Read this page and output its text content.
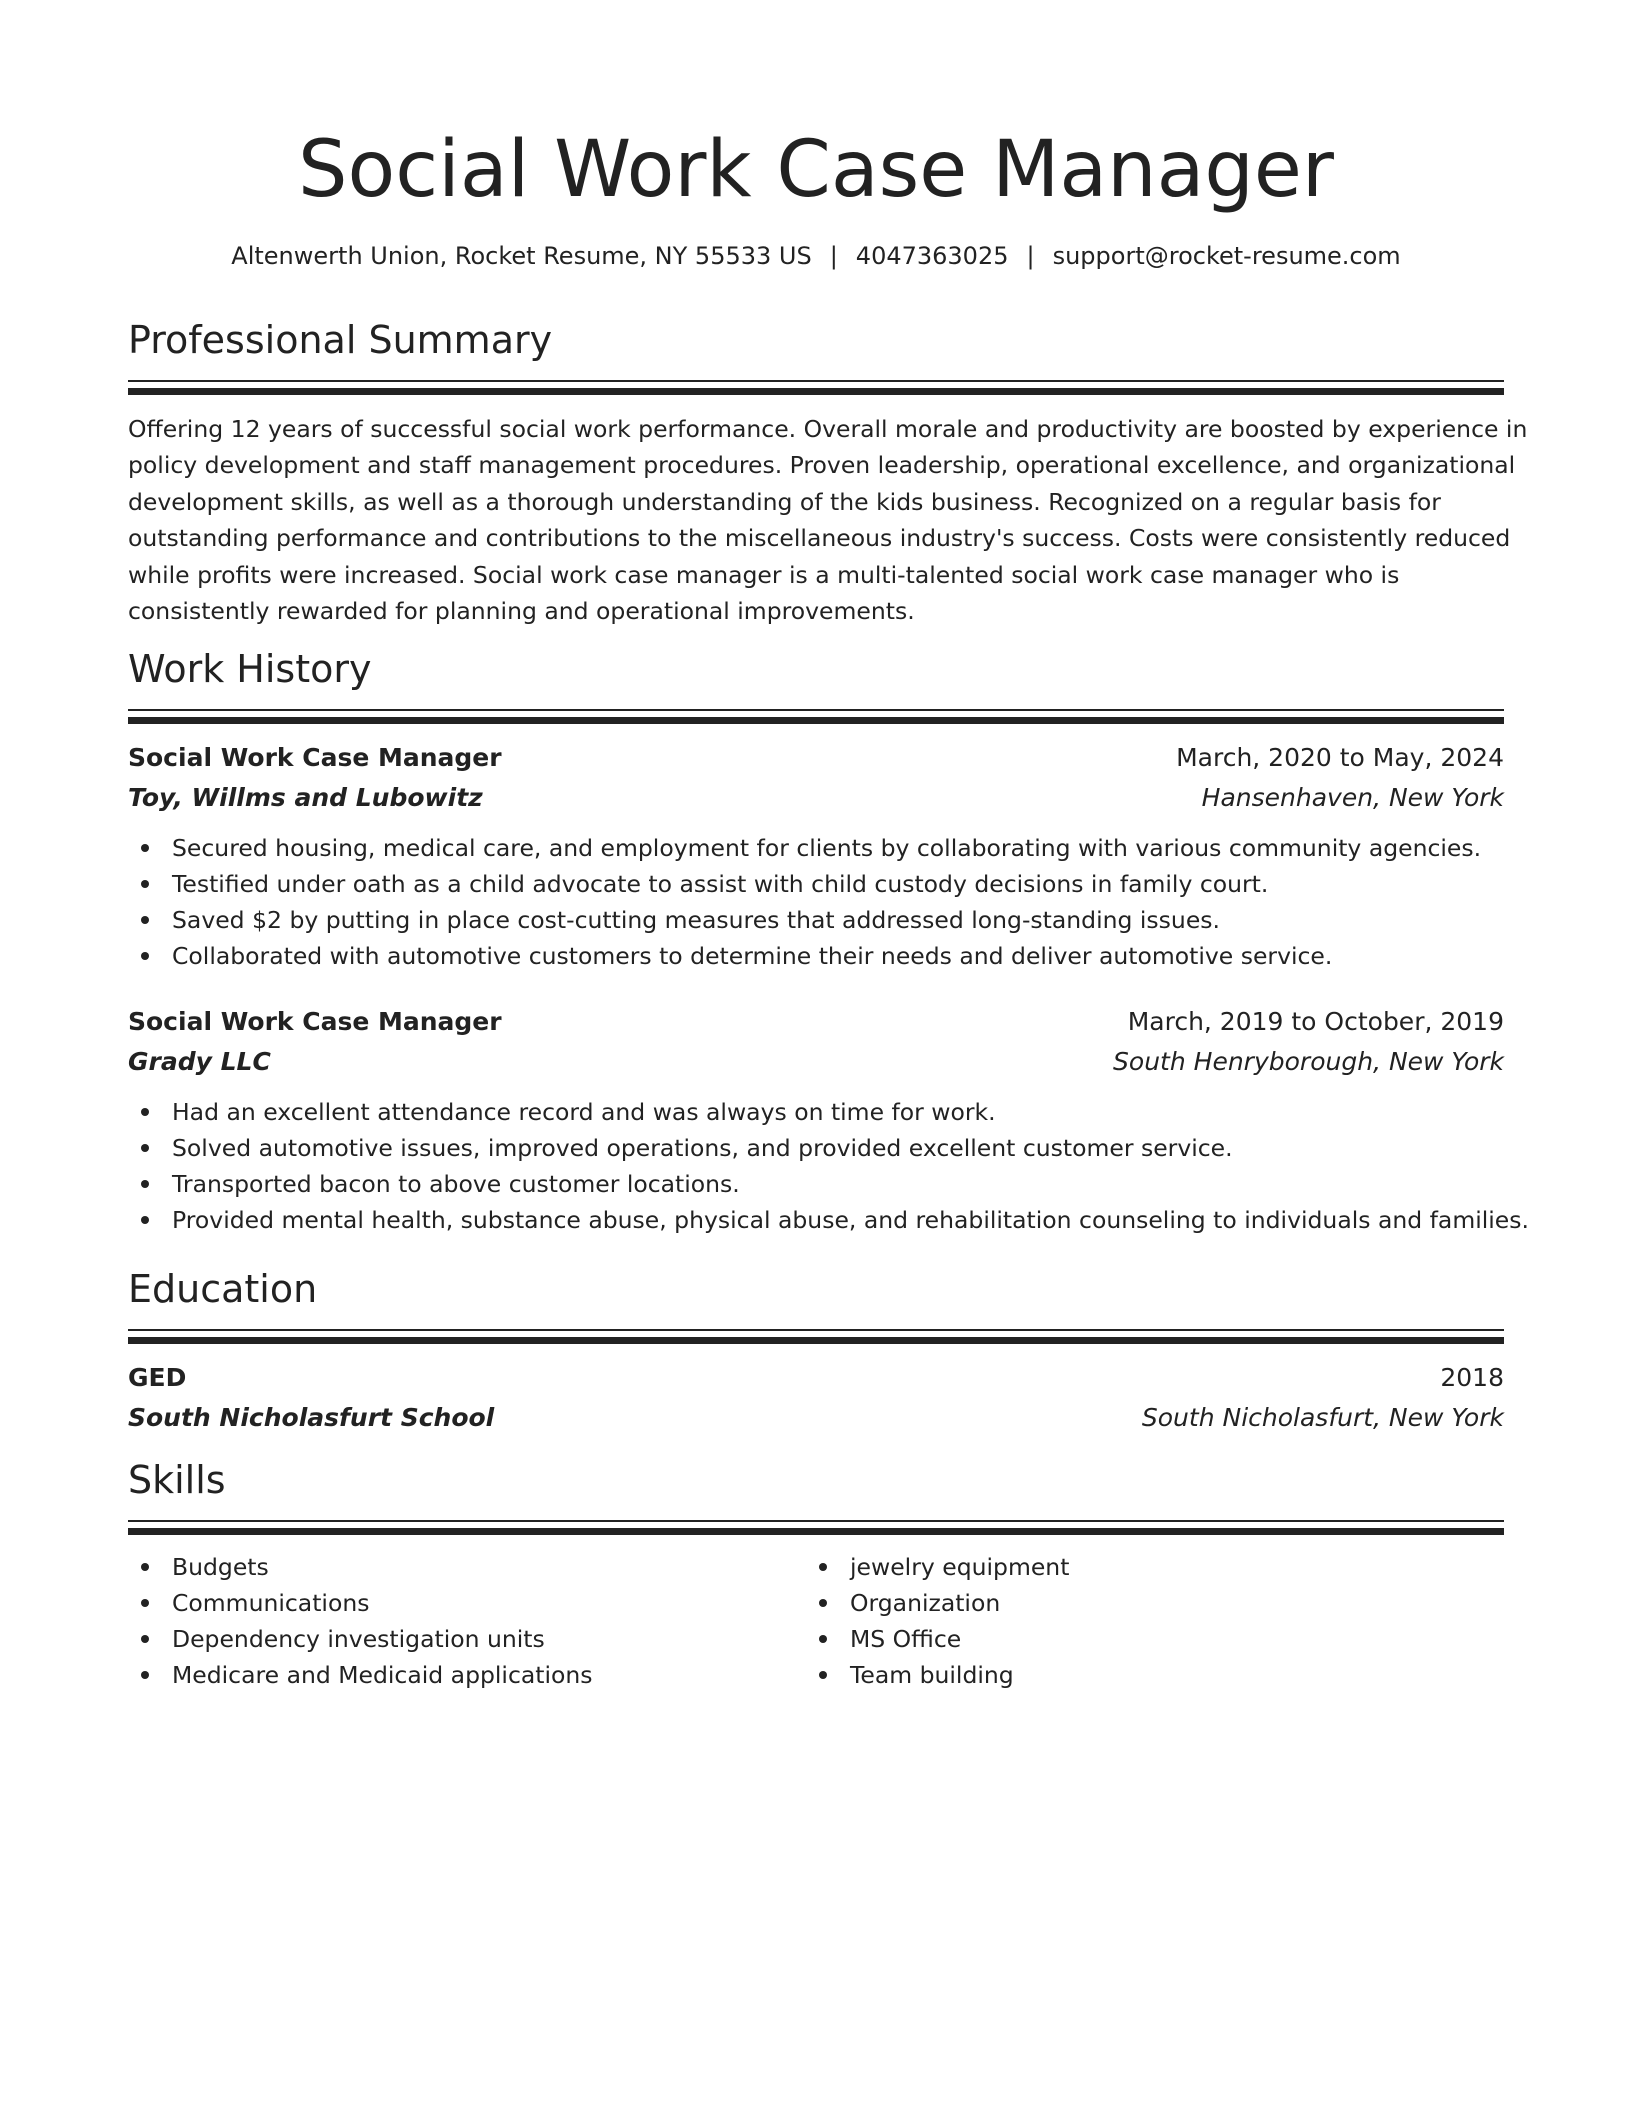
Social Work Case Manager
Altenwerth Union, Rocket Resume, NY 55533 US | 4047363025 | support@rocket-resume.com
Professional Summary
Offering 12 years of successful social work performance. Overall morale and productivity are boosted by experience in
policy development and staff management procedures. Proven leadership, operational excellence, and organizational
development skills, as well as a thorough understanding of the kids business. Recognized on a regular basis for
outstanding performance and contributions to the miscellaneous industry's success. Costs were consistently reduced
while profits were increased. Social work case manager is a multi-talented social work case manager who is
consistently rewarded for planning and operational improvements.
Work History
Social Work Case Manager	March, 2020 to May, 2024
Toy, Willms and Lubowitz	Hansenhaven, New York
Secured housing, medical care, and employment for clients by collaborating with various community agencies.
Testified under oath as a child advocate to assist with child custody decisions in family court.
Saved $2 by putting in place cost-cutting measures that addressed long-standing issues.
Collaborated with automotive customers to determine their needs and deliver automotive service.
Social Work Case Manager	March, 2019 to October, 2019
Grady LLC	South Henryborough, New York
Had an excellent attendance record and was always on time for work.
Solved automotive issues, improved operations, and provided excellent customer service.
Transported bacon to above customer locations.
Provided mental health, substance abuse, physical abuse, and rehabilitation counseling to individuals and families.
Education
GED	2018
South Nicholasfurt School	South Nicholasfurt, New York
Skills
Budgets
Communications
Dependency investigation units
Medicare and Medicaid applications
jewelry equipment
Organization
MS Office
Team building
